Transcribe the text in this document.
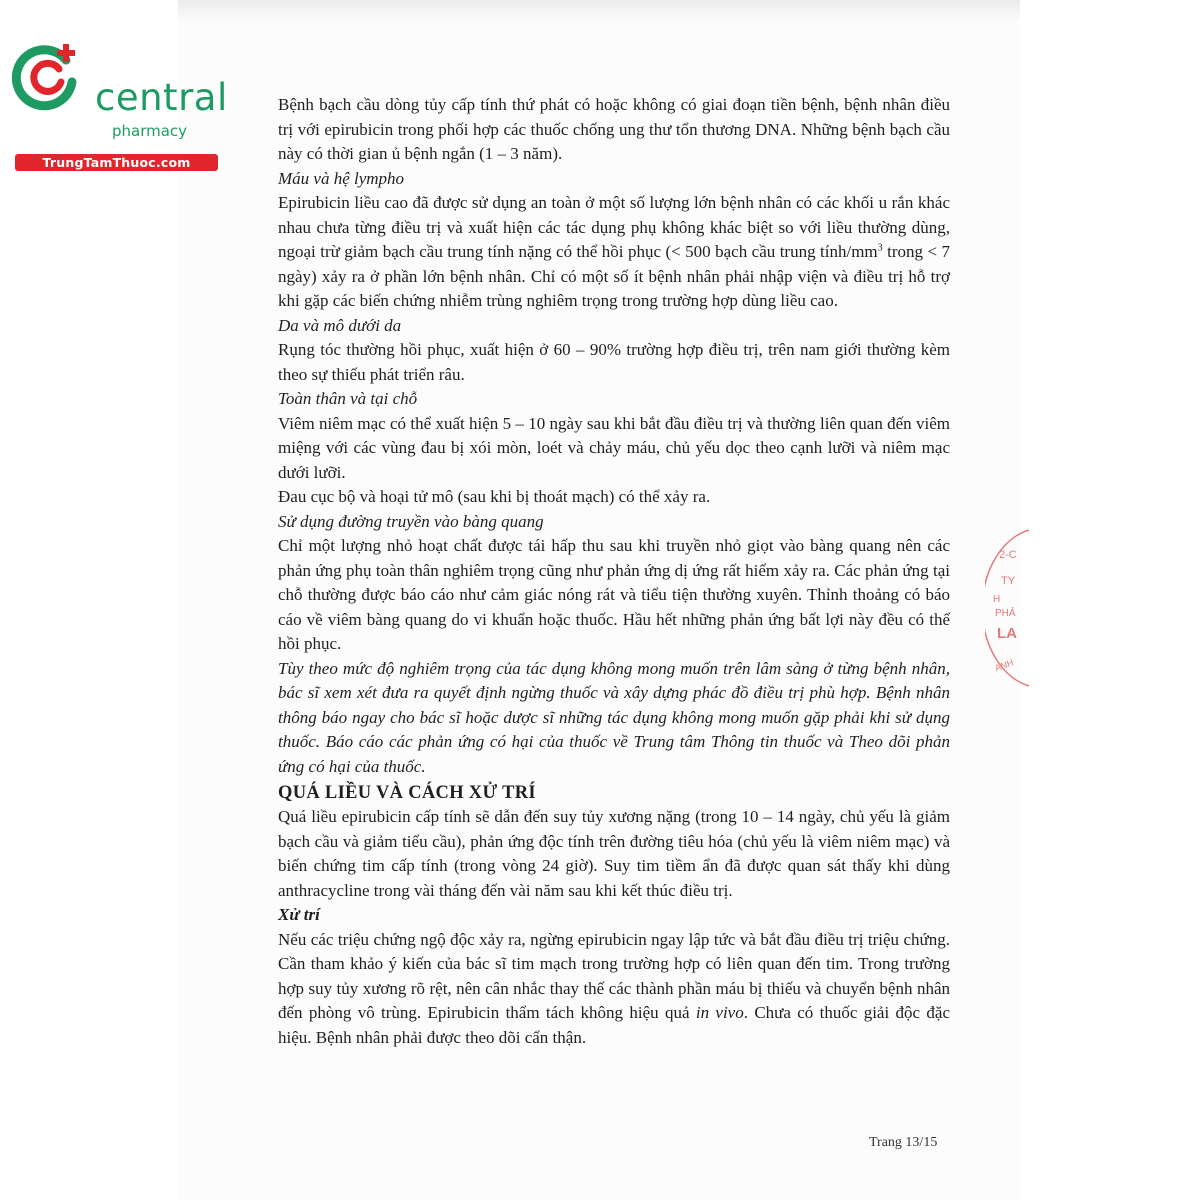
central
pharmacy
TrungTamThuoc.com

Bệnh bạch cầu dòng tủy cấp tính thứ phát có hoặc không có giai đoạn tiền bệnh, bệnh nhân điều trị với epirubicin trong phối hợp các thuốc chống ung thư tổn thương DNA. Những bệnh bạch cầu này có thời gian ủ bệnh ngắn (1 – 3 năm).

Máu và hệ lympho

Epirubicin liều cao đã được sử dụng an toàn ở một số lượng lớn bệnh nhân có các khối u rắn khác nhau chưa từng điều trị và xuất hiện các tác dụng phụ không khác biệt so với liều thường dùng, ngoại trừ giảm bạch cầu trung tính nặng có thể hồi phục (< 500 bạch cầu trung tính/$mm^3$ trong < 7 ngày) xảy ra ở phần lớn bệnh nhân. Chỉ có một số ít bệnh nhân phải nhập viện và điều trị hỗ trợ khi gặp các biến chứng nhiễm trùng nghiêm trọng trong trường hợp dùng liều cao.

Da và mô dưới da

Rụng tóc thường hồi phục, xuất hiện ở 60 – 90% trường hợp điều trị, trên nam giới thường kèm theo sự thiếu phát triển râu.

Toàn thân và tại chỗ

Viêm niêm mạc có thể xuất hiện 5 – 10 ngày sau khi bắt đầu điều trị và thường liên quan đến viêm miệng với các vùng đau bị xói mòn, loét và chảy máu, chủ yếu dọc theo cạnh lưỡi và niêm mạc dưới lưỡi.

Đau cục bộ và hoại tử mô (sau khi bị thoát mạch) có thể xảy ra.

Sử dụng đường truyền vào bàng quang

Chỉ một lượng nhỏ hoạt chất được tái hấp thu sau khi truyền nhỏ giọt vào bàng quang nên các phản ứng phụ toàn thân nghiêm trọng cũng như phản ứng dị ứng rất hiếm xảy ra. Các phản ứng tại chỗ thường được báo cáo như cảm giác nóng rát và tiểu tiện thường xuyên. Thỉnh thoảng có báo cáo về viêm bàng quang do vi khuẩn hoặc thuốc. Hầu hết những phản ứng bất lợi này đều có thể hồi phục.

Tùy theo mức độ nghiêm trọng của tác dụng không mong muốn trên lâm sàng ở từng bệnh nhân, bác sĩ xem xét đưa ra quyết định ngừng thuốc và xây dựng phác đồ điều trị phù hợp. Bệnh nhân thông báo ngay cho bác sĩ hoặc dược sĩ những tác dụng không mong muốn gặp phải khi sử dụng thuốc. Báo cáo các phản ứng có hại của thuốc về Trung tâm Thông tin thuốc và Theo dõi phản ứng có hại của thuốc.

QUÁ LIỀU VÀ CÁCH XỬ TRÍ

Quá liều epirubicin cấp tính sẽ dẫn đến suy tủy xương nặng (trong 10 – 14 ngày, chủ yếu là giảm bạch cầu và giảm tiểu cầu), phản ứng độc tính trên đường tiêu hóa (chủ yếu là viêm niêm mạc) và biến chứng tim cấp tính (trong vòng 24 giờ). Suy tim tiềm ẩn đã được quan sát thấy khi dùng anthracycline trong vài tháng đến vài năm sau khi kết thúc điều trị.

Xử trí

Nếu các triệu chứng ngộ độc xảy ra, ngừng epirubicin ngay lập tức và bắt đầu điều trị triệu chứng. Cần tham khảo ý kiến của bác sĩ tim mạch trong trường hợp có liên quan đến tim. Trong trường hợp suy tủy xương rõ rệt, nên cân nhắc thay thế các thành phần máu bị thiếu và chuyển bệnh nhân đến phòng vô trùng. Epirubicin thẩm tách không hiệu quả in vivo. Chưa có thuốc giải độc đặc hiệu. Bệnh nhân phải được theo dõi cẩn thận.

2-C
TY
H
PHẢ
LA
ANH
Trang 13/15
